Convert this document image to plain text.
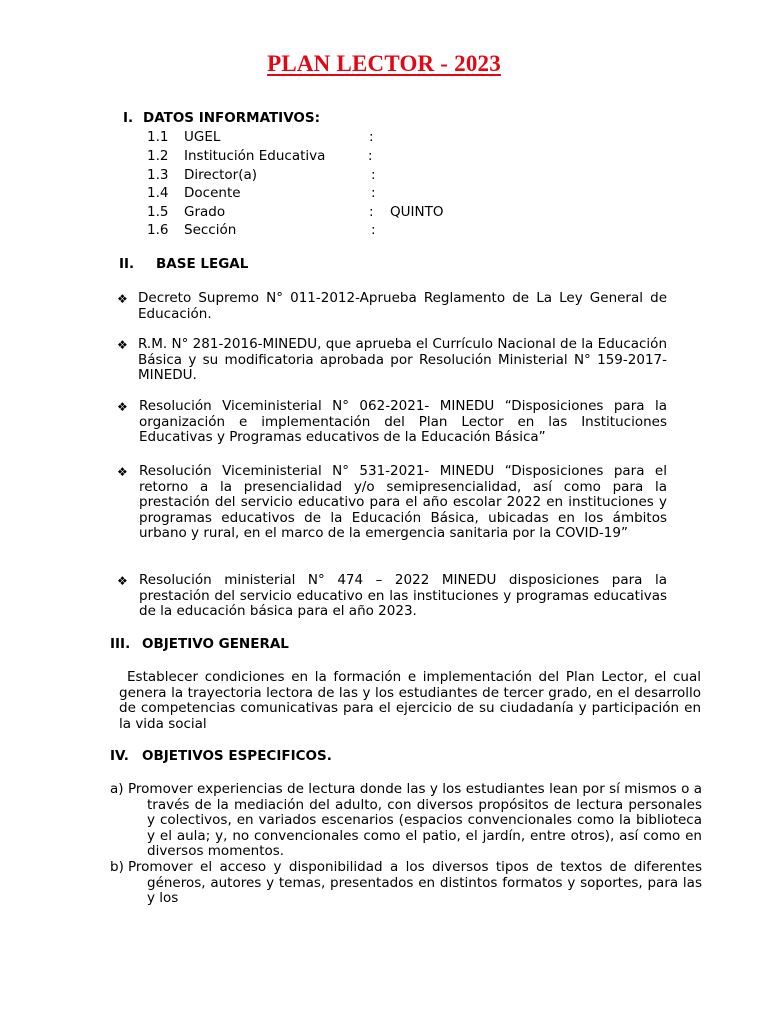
PLAN LECTOR - 2023
I. DATOS INFORMATIVOS:
1.1 UGEL	:
1.2 Institución Educativa	:
1.3 Director(a)	:
1.4 Docente	:
1.5 Grado	: QUINTO
1.6 Sección	:
II. BASE LEGAL
❖ Decreto Supremo N° 011-2012-Aprueba Reglamento de La Ley General de Educación.
❖ R.M. N° 281-2016-MINEDU, que aprueba el Currículo Nacional de la Educación Básica y su modificatoria aprobada por Resolución Ministerial N° 159-2017- MINEDU.
❖ Resolución Viceministerial N° 062-2021- MINEDU “Disposiciones para la organización e implementación del Plan Lector en las Instituciones Educativas y Programas educativos de la Educación Básica”
❖ Resolución Viceministerial N° 531-2021- MINEDU “Disposiciones para el retorno a la presencialidad y/o semipresencialidad, así como para la prestación del servicio educativo para el año escolar 2022 en instituciones y programas educativos de la Educación Básica, ubicadas en los ámbitos urbano y rural, en el marco de la emergencia sanitaria por la COVID-19”
❖ Resolución ministerial N° 474 – 2022 MINEDU disposiciones para la prestación del servicio educativo en las instituciones y programas educativas de la educación básica para el año 2023.
III. OBJETIVO GENERAL
Establecer condiciones en la formación e implementación del Plan Lector, el cual genera la trayectoria lectora de las y los estudiantes de tercer grado, en el desarrollo de competencias comunicativas para el ejercicio de su ciudadanía y participación en la vida social
IV. OBJETIVOS ESPECIFICOS.
a) Promover experiencias de lectura donde las y los estudiantes lean por sí mismos o a través de la mediación del adulto, con diversos propósitos de lectura personales y colectivos, en variados escenarios (espacios convencionales como la biblioteca y el aula; y, no convencionales como el patio, el jardín, entre otros), así como en diversos momentos.
b) Promover el acceso y disponibilidad a los diversos tipos de textos de diferentes géneros, autores y temas, presentados en distintos formatos y soportes, para las y los
